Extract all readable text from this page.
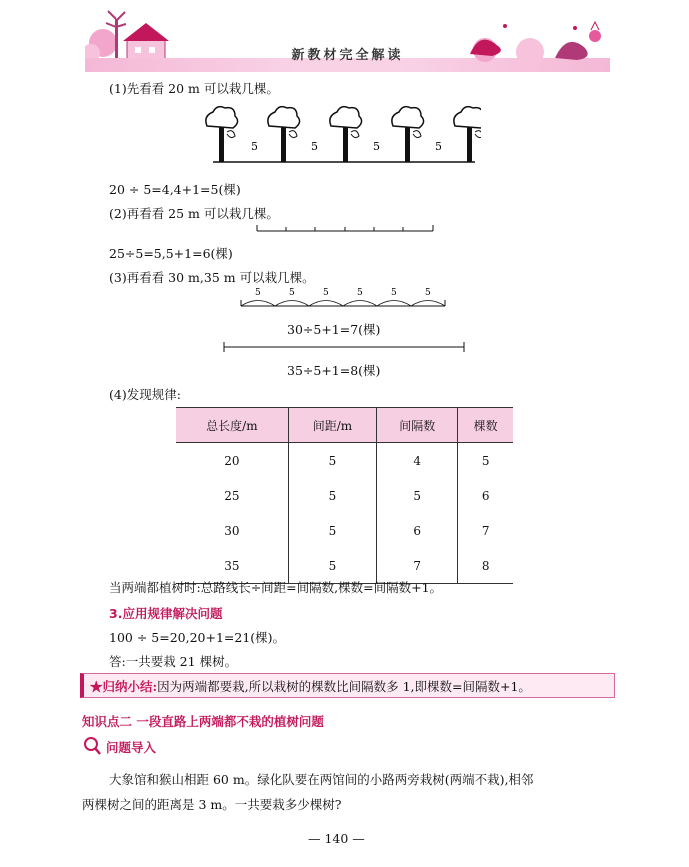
新教材完全解读
(1)先看看 20 m 可以栽几棵。
5	5	5	5
20 ÷ 5=4,4+1=5(棵)
(2)再看看 25 m 可以栽几棵。
25÷5=5,5+1=6(棵)
(3)再看看 30 m,35 m 可以栽几棵。
5	5	5	5	5	5
30÷5+1=7(棵)
35÷5+1=8(棵)
(4)发现规律:
总长度/m	间距/m	间隔数	棵数
20	5	4	5
25	5	5	6
30	5	6	7
35	5	7	8
当两端都植树时:总路线长÷间距=间隔数,棵数=间隔数+1。
3.应用规律解决问题
100 ÷ 5=20,20+1=21(棵)。
答:一共要栽 21 棵树。
★归纳小结:因为两端都要栽,所以栽树的棵数比间隔数多 1,即棵数=间隔数+1。
知识点二 一段直路上两端都不栽的植树问题
问题导入
大象馆和猴山相距 60 m。绿化队要在两馆间的小路两旁栽树(两端不栽),相邻
两棵树之间的距离是 3 m。一共要栽多少棵树?
— 140 —
